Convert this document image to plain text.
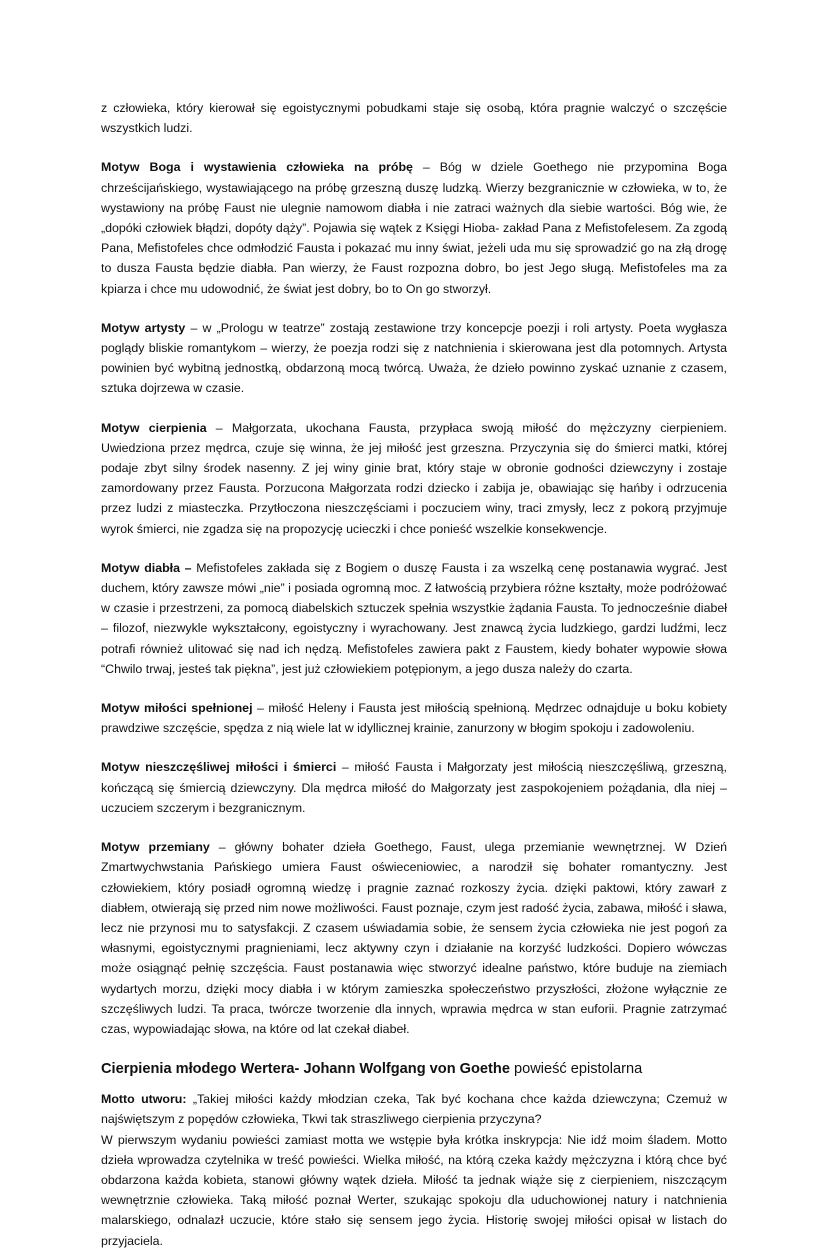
z człowieka, który kierował się egoistycznymi pobudkami staje się osobą, która pragnie walczyć o szczęście wszystkich ludzi.

Motyw Boga i wystawienia człowieka na próbę – Bóg w dziele Goethego nie przypomina Boga chrześcijańskiego, wystawiającego na próbę grzeszną duszę ludzką. Wierzy bezgranicznie w człowieka, w to, że wystawiony na próbę Faust nie ulegnie namowom diabła i nie zatraci ważnych dla siebie wartości. Bóg wie, że „dopóki człowiek błądzi, dopóty dąży”. Pojawia się wątek z Księgi Hioba- zakład Pana z Mefistofelesem. Za zgodą Pana, Mefistofeles chce odmłodzić Fausta i pokazać mu inny świat, jeżeli uda mu się sprowadzić go na złą drogę to dusza Fausta będzie diabła. Pan wierzy, że Faust rozpozna dobro, bo jest Jego sługą. Mefistofeles ma za kpiarza i chce mu udowodnić, że świat jest dobry, bo to On go stworzył.

Motyw artysty – w „Prologu w teatrze” zostają zestawione trzy koncepcje poezji i roli artysty. Poeta wygłasza poglądy bliskie romantykom – wierzy, że poezja rodzi się z natchnienia i skierowana jest dla potomnych. Artysta powinien być wybitną jednostką, obdarzoną mocą twórcą. Uważa, że dzieło powinno zyskać uznanie z czasem, sztuka dojrzewa w czasie.

Motyw cierpienia – Małgorzata, ukochana Fausta, przypłaca swoją miłość do mężczyzny cierpieniem. Uwiedziona przez mędrca, czuje się winna, że jej miłość jest grzeszna. Przyczynia się do śmierci matki, której podaje zbyt silny środek nasenny. Z jej winy ginie brat, który staje w obronie godności dziewczyny i zostaje zamordowany przez Fausta. Porzucona Małgorzata rodzi dziecko i zabija je, obawiając się hańby i odrzucenia przez ludzi z miasteczka. Przytłoczona nieszczęściami i poczuciem winy, traci zmysły, lecz z pokorą przyjmuje wyrok śmierci, nie zgadza się na propozycję ucieczki i chce ponieść wszelkie konsekwencje.

Motyw diabła – Mefistofeles zakłada się z Bogiem o duszę Fausta i za wszelką cenę postanawia wygrać. Jest duchem, który zawsze mówi „nie” i posiada ogromną moc. Z łatwością przybiera różne kształty, może podróżować w czasie i przestrzeni, za pomocą diabelskich sztuczek spełnia wszystkie żądania Fausta. To jednocześnie diabeł – filozof, niezwykle wykształcony, egoistyczny i wyrachowany. Jest znawcą życia ludzkiego, gardzi ludźmi, lecz potrafi również ulitować się nad ich nędzą. Mefistofeles zawiera pakt z Faustem, kiedy bohater wypowie słowa “Chwilo trwaj, jesteś tak piękna”, jest już człowiekiem potępionym, a jego dusza należy do czarta.

Motyw miłości spełnionej – miłość Heleny i Fausta jest miłością spełnioną. Mędrzec odnajduje u boku kobiety prawdziwe szczęście, spędza z nią wiele lat w idyllicznej krainie, zanurzony w błogim spokoju i zadowoleniu.

Motyw nieszczęśliwej miłości i śmierci – miłość Fausta i Małgorzaty jest miłością nieszczęśliwą, grzeszną, kończącą się śmiercią dziewczyny. Dla mędrca miłość do Małgorzaty jest zaspokojeniem pożądania, dla niej – uczuciem szczerym i bezgranicznym.

Motyw przemiany – główny bohater dzieła Goethego, Faust, ulega przemianie wewnętrznej. W Dzień Zmartwychwstania Pańskiego umiera Faust oświeceniowiec, a narodził się bohater romantyczny. Jest człowiekiem, który posiadł ogromną wiedzę i pragnie zaznać rozkoszy życia. dzięki paktowi, który zawarł z diabłem, otwierają się przed nim nowe możliwości. Faust poznaje, czym jest radość życia, zabawa, miłość i sława, lecz nie przynosi mu to satysfakcji. Z czasem uświadamia sobie, że sensem życia człowieka nie jest pogoń za własnymi, egoistycznymi pragnieniami, lecz aktywny czyn i działanie na korzyść ludzkości. Dopiero wówczas może osiągnąć pełnię szczęścia. Faust postanawia więc stworzyć idealne państwo, które buduje na ziemiach wydartych morzu, dzięki mocy diabła i w którym zamieszka społeczeństwo przyszłości, złożone wyłącznie ze szczęśliwych ludzi. Ta praca, twórcze tworzenie dla innych, wprawia mędrca w stan euforii. Pragnie zatrzymać czas, wypowiadając słowa, na które od lat czekał diabeł.

Cierpienia młodego Wertera- Johann Wolfgang von Goethe powieść epistolarna

Motto utworu: „Takiej miłości każdy młodzian czeka, Tak być kochana chce każda dziewczyna; Czemuż w najświętszym z popędów człowieka, Tkwi tak straszliwego cierpienia przyczyna?

W pierwszym wydaniu powieści zamiast motta we wstępie była krótka inskrypcja: Nie idź moim śladem. Motto dzieła wprowadza czytelnika w treść powieści. Wielka miłość, na którą czeka każdy mężczyzna i którą chce być obdarzona każda kobieta, stanowi główny wątek dzieła. Miłość ta jednak wiąże się z cierpieniem, niszczącym wewnętrznie człowieka. Taką miłość poznał Werter, szukając spokoju dla uduchowionej natury i natchnienia malarskiego, odnalazł uczucie, które stało się sensem jego życia. Historię swojej miłości opisał w listach do przyjaciela.
